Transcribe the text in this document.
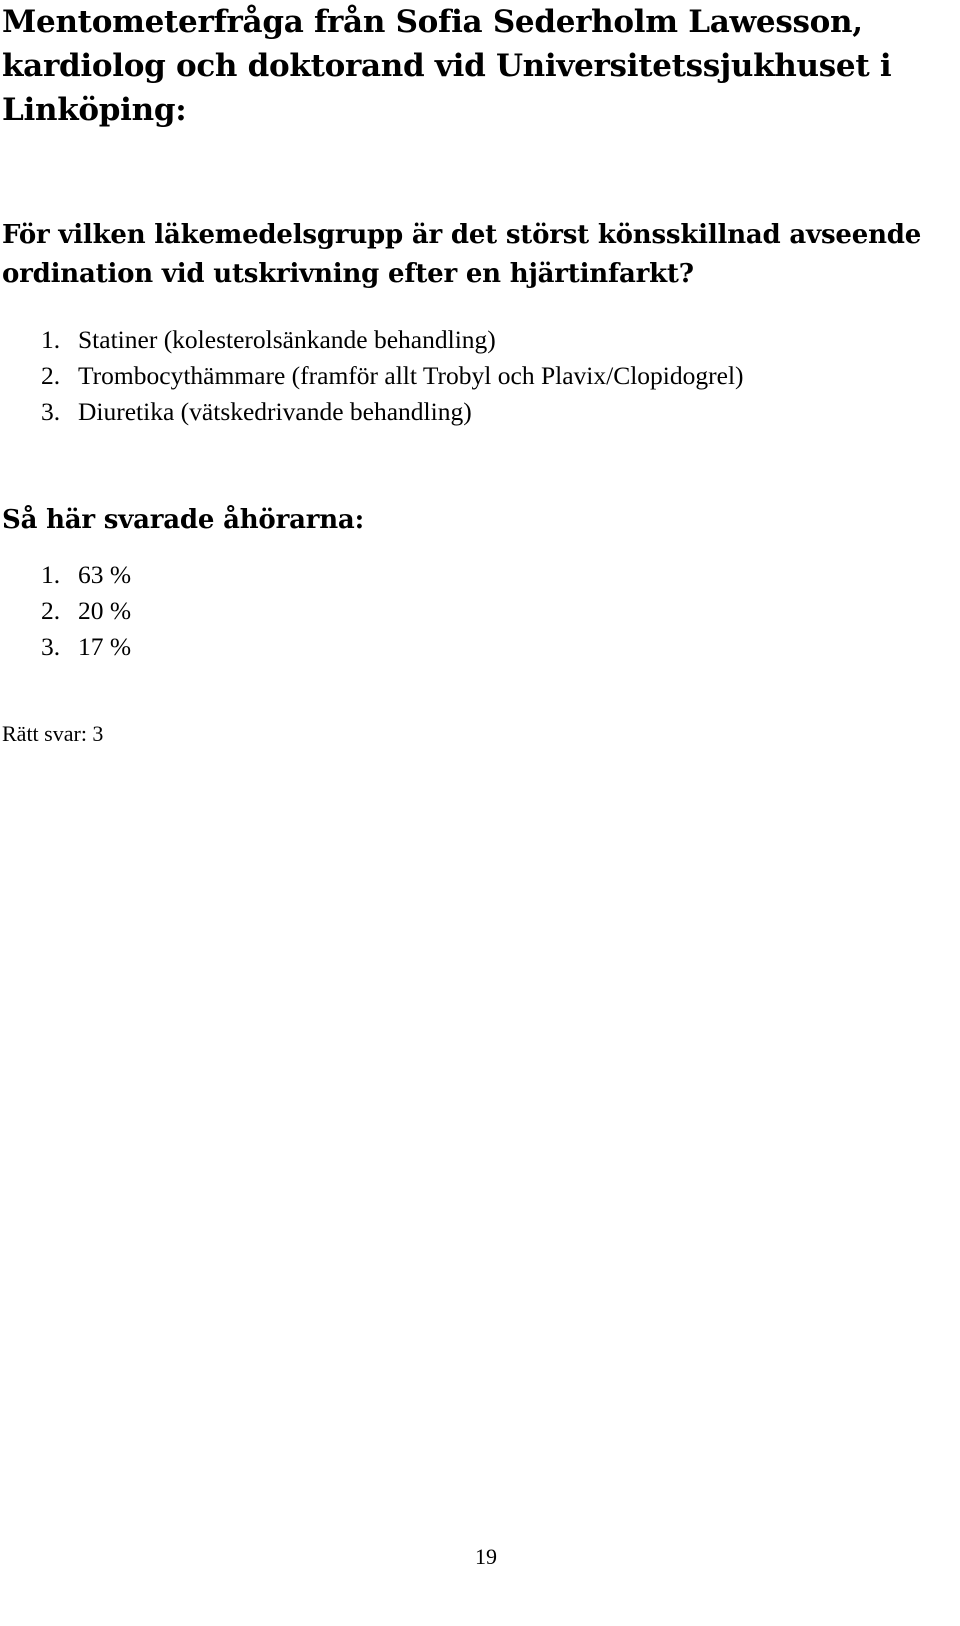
Mentometerfråga från Sofia Sederholm Lawesson, kardiolog och doktorand vid Universitetssjukhuset i Linköping:

För vilken läkemedelsgrupp är det störst könsskillnad avseende ordination vid utskrivning efter en hjärtinfarkt?

1. Statiner (kolesterolsänkande behandling)
2. Trombocythämmare (framför allt Trobyl och Plavix/Clopidogrel)
3. Diuretika (vätskedrivande behandling)

Så här svarade åhörarna:

1. 63 %
2. 20 %
3. 17 %

Rätt svar: 3

19
